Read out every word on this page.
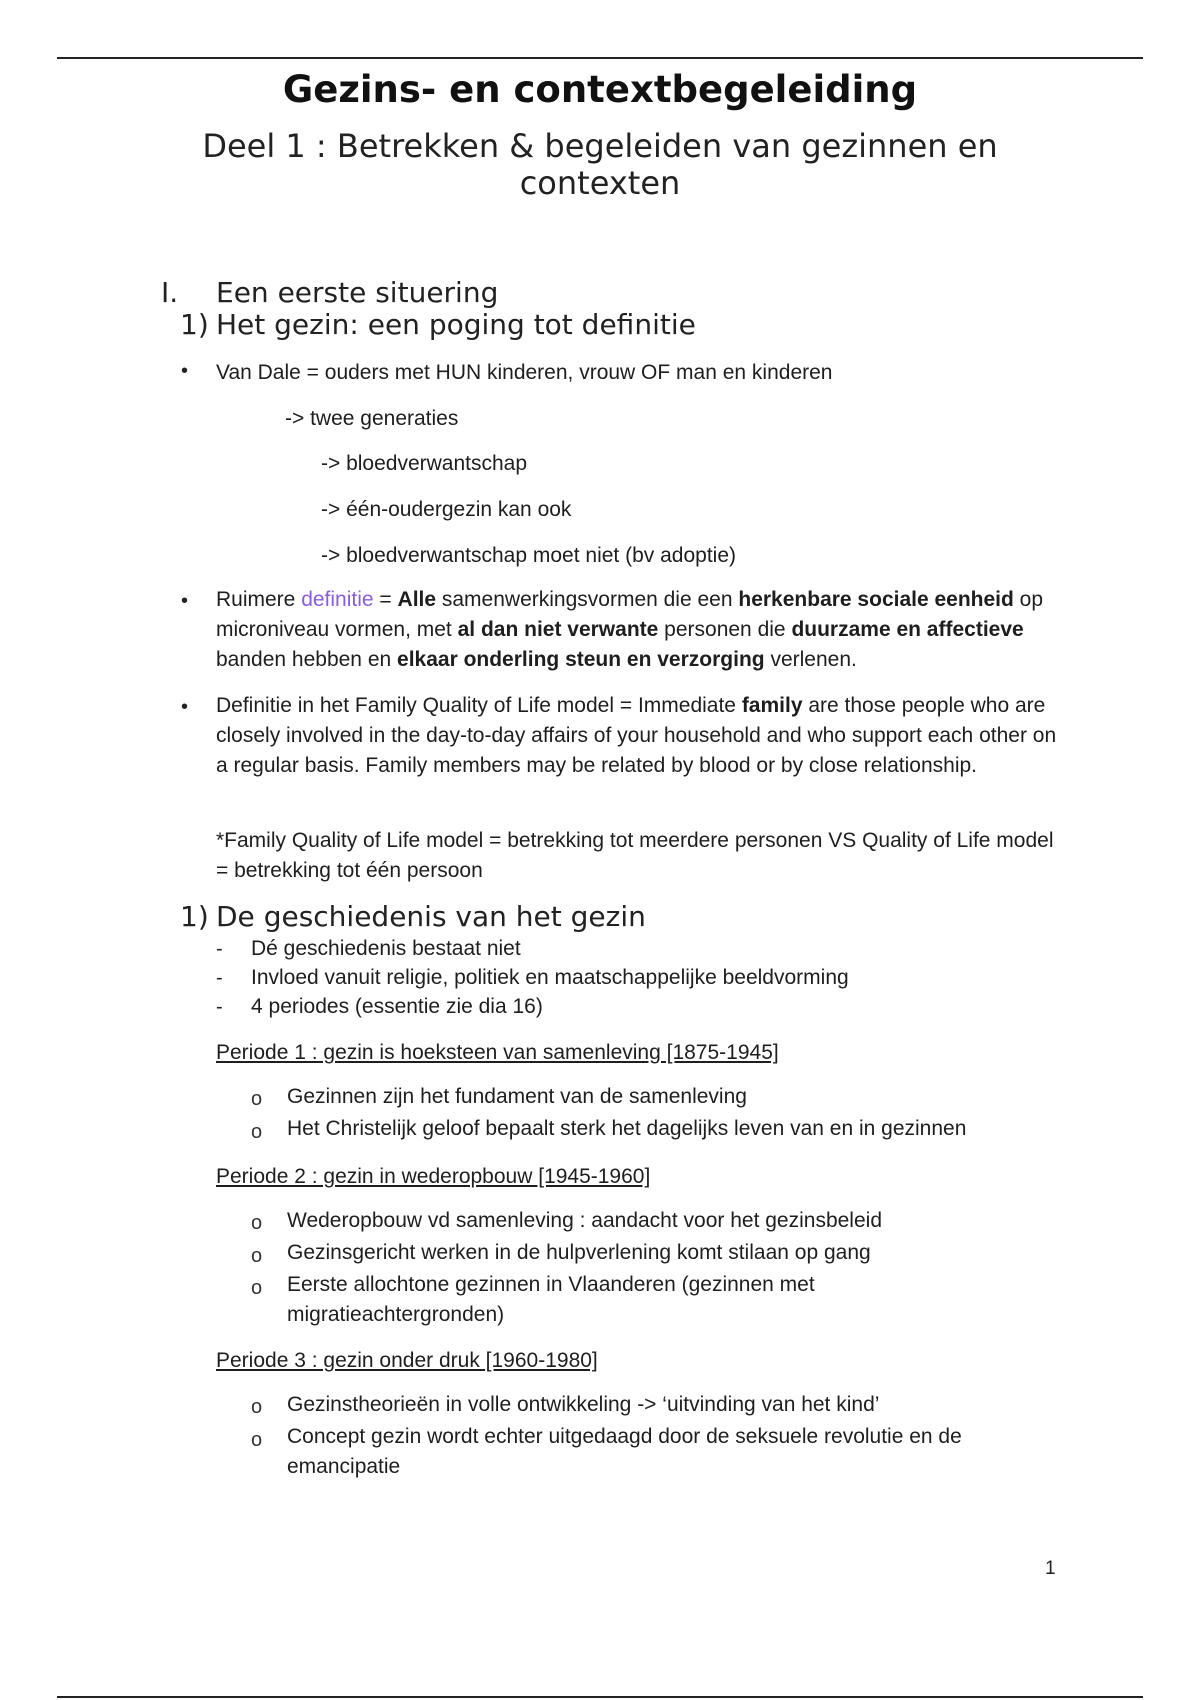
Gezins- en contextbegeleiding
Deel 1 : Betrekken & begeleiden van gezinnen en contexten
I. Een eerste situering
1) Het gezin: een poging tot definitie
• Van Dale = ouders met HUN kinderen, vrouw OF man en kinderen
-> twee generaties
-> bloedverwantschap
-> één-oudergezin kan ook
-> bloedverwantschap moet niet (bv adoptie)
• Ruimere definitie = Alle samenwerkingsvormen die een herkenbare sociale eenheid op microniveau vormen, met al dan niet verwante personen die duurzame en affectieve banden hebben en elkaar onderling steun en verzorging verlenen.
• Definitie in het Family Quality of Life model = Immediate family are those people who are closely involved in the day-to-day affairs of your household and who support each other on a regular basis. Family members may be related by blood or by close relationship.
*Family Quality of Life model = betrekking tot meerdere personen VS Quality of Life model = betrekking tot één persoon
1) De geschiedenis van het gezin
- Dé geschiedenis bestaat niet
- Invloed vanuit religie, politiek en maatschappelijke beeldvorming
- 4 periodes (essentie zie dia 16)
Periode 1 : gezin is hoeksteen van samenleving [1875-1945]
o Gezinnen zijn het fundament van de samenleving
o Het Christelijk geloof bepaalt sterk het dagelijks leven van en in gezinnen
Periode 2 : gezin in wederopbouw [1945-1960]
o Wederopbouw vd samenleving : aandacht voor het gezinsbeleid
o Gezinsgericht werken in de hulpverlening komt stilaan op gang
o Eerste allochtone gezinnen in Vlaanderen (gezinnen met migratieachtergronden)
Periode 3 : gezin onder druk [1960-1980]
o Gezinstheorieën in volle ontwikkeling -> ‘uitvinding van het kind’
o Concept gezin wordt echter uitgedaagd door de seksuele revolutie en de emancipatie
1
